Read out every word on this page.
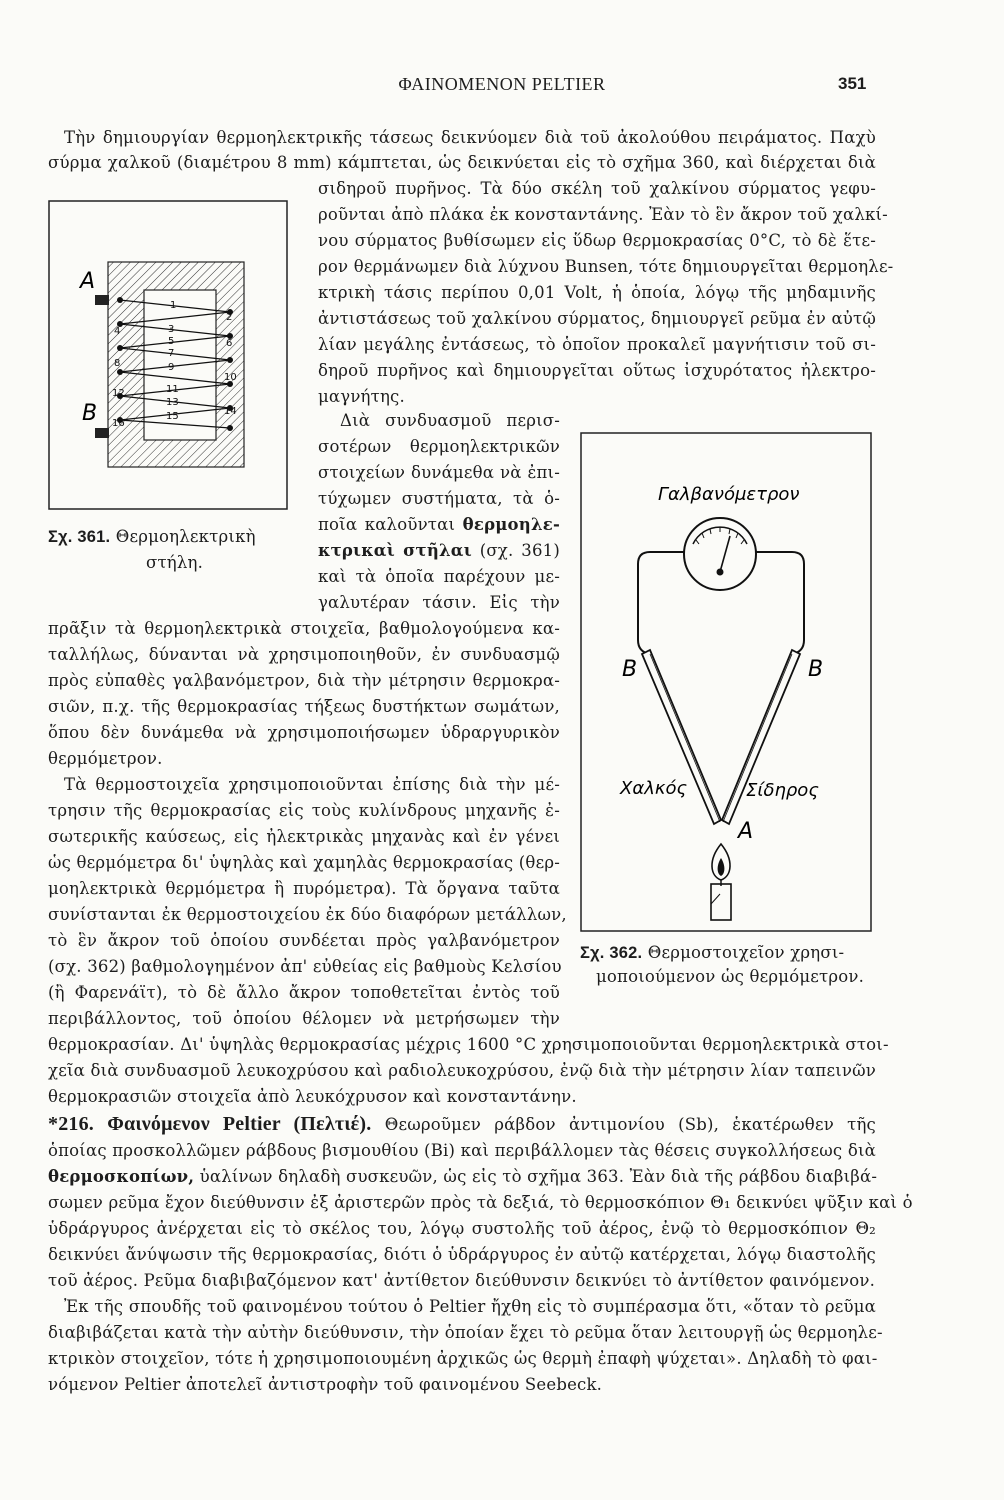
ΦΑΙΝΟΜΕΝΟΝ PELTIER	351
Τὴν δημιουργίαν θερμοηλεκτρικῆς τάσεως δεικνύομεν διὰ τοῦ ἀκολούθου πειράματος. Παχὺ
σύρμα χαλκοῦ (διαμέτρου 8 mm) κάμπτεται, ὡς δεικνύεται εἰς τὸ σχῆμα 360, καὶ διέρχεται διὰ
σιδηροῦ πυρῆνος. Τὰ δύο σκέλη τοῦ χαλκίνου σύρματος γεφυ-
ροῦνται ἀπὸ πλάκα ἐκ κονσταντάνης. Ἐὰν τὸ ἓν ἄκρον τοῦ χαλκί-
νου σύρματος βυθίσωμεν εἰς ὕδωρ θερμοκρασίας 0°C, τὸ δὲ ἕτε-
ρον θερμάνωμεν διὰ λύχνου Bunsen, τότε δημιουργεῖται θερμοηλε-
κτρικὴ τάσις περίπου 0,01 Volt, ἡ ὁποία, λόγῳ τῆς μηδαμινῆς
ἀντιστάσεως τοῦ χαλκίνου σύρματος, δημιουργεῖ ρεῦμα ἐν αὐτῷ
λίαν μεγάλης ἐντάσεως, τὸ ὁποῖον προκαλεῖ μαγνήτισιν τοῦ σι-
δηροῦ πυρῆνος καὶ δημιουργεῖται οὕτως ἰσχυρότατος ἠλεκτρο-
μαγνήτης.
A
B
1
2
3
4
5	6
7
8	9
10
11
12
13
14
15
16
Σχ. 361. Θερμοηλεκτρικὴ
στήλη.
Διὰ συνδυασμοῦ περισ-
σοτέρων θερμοηλεκτρικῶν
στοιχείων δυνάμεθα νὰ ἐπι-
τύχωμεν συστήματα, τὰ ὁ-
ποῖα καλοῦνται θερμοηλε-
κτρικαὶ στῆλαι (σχ. 361)
καὶ τὰ ὁποῖα παρέχουν με-
γαλυτέραν τάσιν. Εἰς τὴν
πρᾶξιν τὰ θερμοηλεκτρικὰ στοιχεῖα, βαθμολογούμενα κα-
ταλλήλως, δύνανται νὰ χρησιμοποιηθοῦν, ἐν συνδυασμῷ
πρὸς εὐπαθὲς γαλβανόμετρον, διὰ τὴν μέτρησιν θερμοκρα-
σιῶν, π.χ. τῆς θερμοκρασίας τήξεως δυστήκτων σωμάτων,
ὅπου δὲν δυνάμεθα νὰ χρησιμοποιήσωμεν ὑδραργυρικὸν
θερμόμετρον.
Τὰ θερμοστοιχεῖα χρησιμοποιοῦνται ἐπίσης διὰ τὴν μέ-
τρησιν τῆς θερμοκρασίας εἰς τοὺς κυλίνδρους μηχανῆς ἐ-
σωτερικῆς καύσεως, εἰς ἠλεκτρικὰς μηχανὰς καὶ ἐν γένει
ὡς θερμόμετρα δι' ὑψηλὰς καὶ χαμηλὰς θερμοκρασίας (θερ-
μοηλεκτρικὰ θερμόμετρα ἢ πυρόμετρα). Τὰ ὄργανα ταῦτα
συνίστανται ἐκ θερμοστοιχείου ἐκ δύο διαφόρων μετάλλων,
τὸ ἓν ἄκρον τοῦ ὁποίου συνδέεται πρὸς γαλβανόμετρον
(σχ. 362) βαθμολογημένον ἀπ' εὐθείας εἰς βαθμοὺς Κελσίου
(ἢ Φαρενάϊτ), τὸ δὲ ἄλλο ἄκρον τοποθετεῖται ἐντὸς τοῦ
περιβάλλοντος, τοῦ ὁποίου θέλομεν νὰ μετρήσωμεν τὴν
θερμοκρασίαν. Δι' ὑψηλὰς θερμοκρασίας μέχρις 1600 °C χρησιμοποιοῦνται θερμοηλεκτρικὰ στοι-
χεῖα διὰ συνδυασμοῦ λευκοχρύσου καὶ ραδιολευκοχρύσου, ἐνῷ διὰ τὴν μέτρησιν λίαν ταπεινῶν
θερμοκρασιῶν στοιχεῖα ἀπὸ λευκόχρυσον καὶ κονσταντάνην.
Γαλβανόμετρον
B	B
Χαλκός	Σίδηρος
A
Σχ. 362. Θερμοστοιχεῖον χρησι-
μοποιούμενον ὡς θερμόμετρον.
*216. Φαινόμενον Peltier (Πελτιέ). Θεωροῦμεν ράβδον ἀντιμονίου (Sb), ἑκατέρωθεν τῆς
ὁποίας προσκολλῶμεν ράβδους βισμουθίου (Bi) καὶ περιβάλλομεν τὰς θέσεις συγκολλήσεως διὰ
θερμοσκοπίων, ὑαλίνων δηλαδὴ συσκευῶν, ὡς εἰς τὸ σχῆμα 363. Ἐὰν διὰ τῆς ράβδου διαβιβά-
σωμεν ρεῦμα ἔχον διεύθυνσιν ἐξ ἀριστερῶν πρὸς τὰ δεξιά, τὸ θερμοσκόπιον Θ₁ δεικνύει ψῦξιν καὶ ὁ
ὑδράργυρος ἀνέρχεται εἰς τὸ σκέλος του, λόγῳ συστολῆς τοῦ ἀέρος, ἐνῷ τὸ θερμοσκόπιον Θ₂
δεικνύει ἄνύψωσιν τῆς θερμοκρασίας, διότι ὁ ὑδράργυρος ἐν αὐτῷ κατέρχεται, λόγῳ διαστολῆς
τοῦ ἀέρος. Ρεῦμα διαβιβαζόμενον κατ' ἀντίθετον διεύθυνσιν δεικνύει τὸ ἀντίθετον φαινόμενον.
Ἐκ τῆς σπουδῆς τοῦ φαινομένου τούτου ὁ Peltier ἤχθη εἰς τὸ συμπέρασμα ὅτι, «ὅταν τὸ ρεῦμα
διαβιβάζεται κατὰ τὴν αὐτὴν διεύθυνσιν, τὴν ὁποίαν ἔχει τὸ ρεῦμα ὅταν λειτουργῇ ὡς θερμοηλε-
κτρικὸν στοιχεῖον, τότε ἡ χρησιμοποιουμένη ἀρχικῶς ὡς θερμὴ ἐπαφὴ ψύχεται». Δηλαδὴ τὸ φαι-
νόμενον Peltier ἀποτελεῖ ἀντιστροφὴν τοῦ φαινομένου Seebeck.
